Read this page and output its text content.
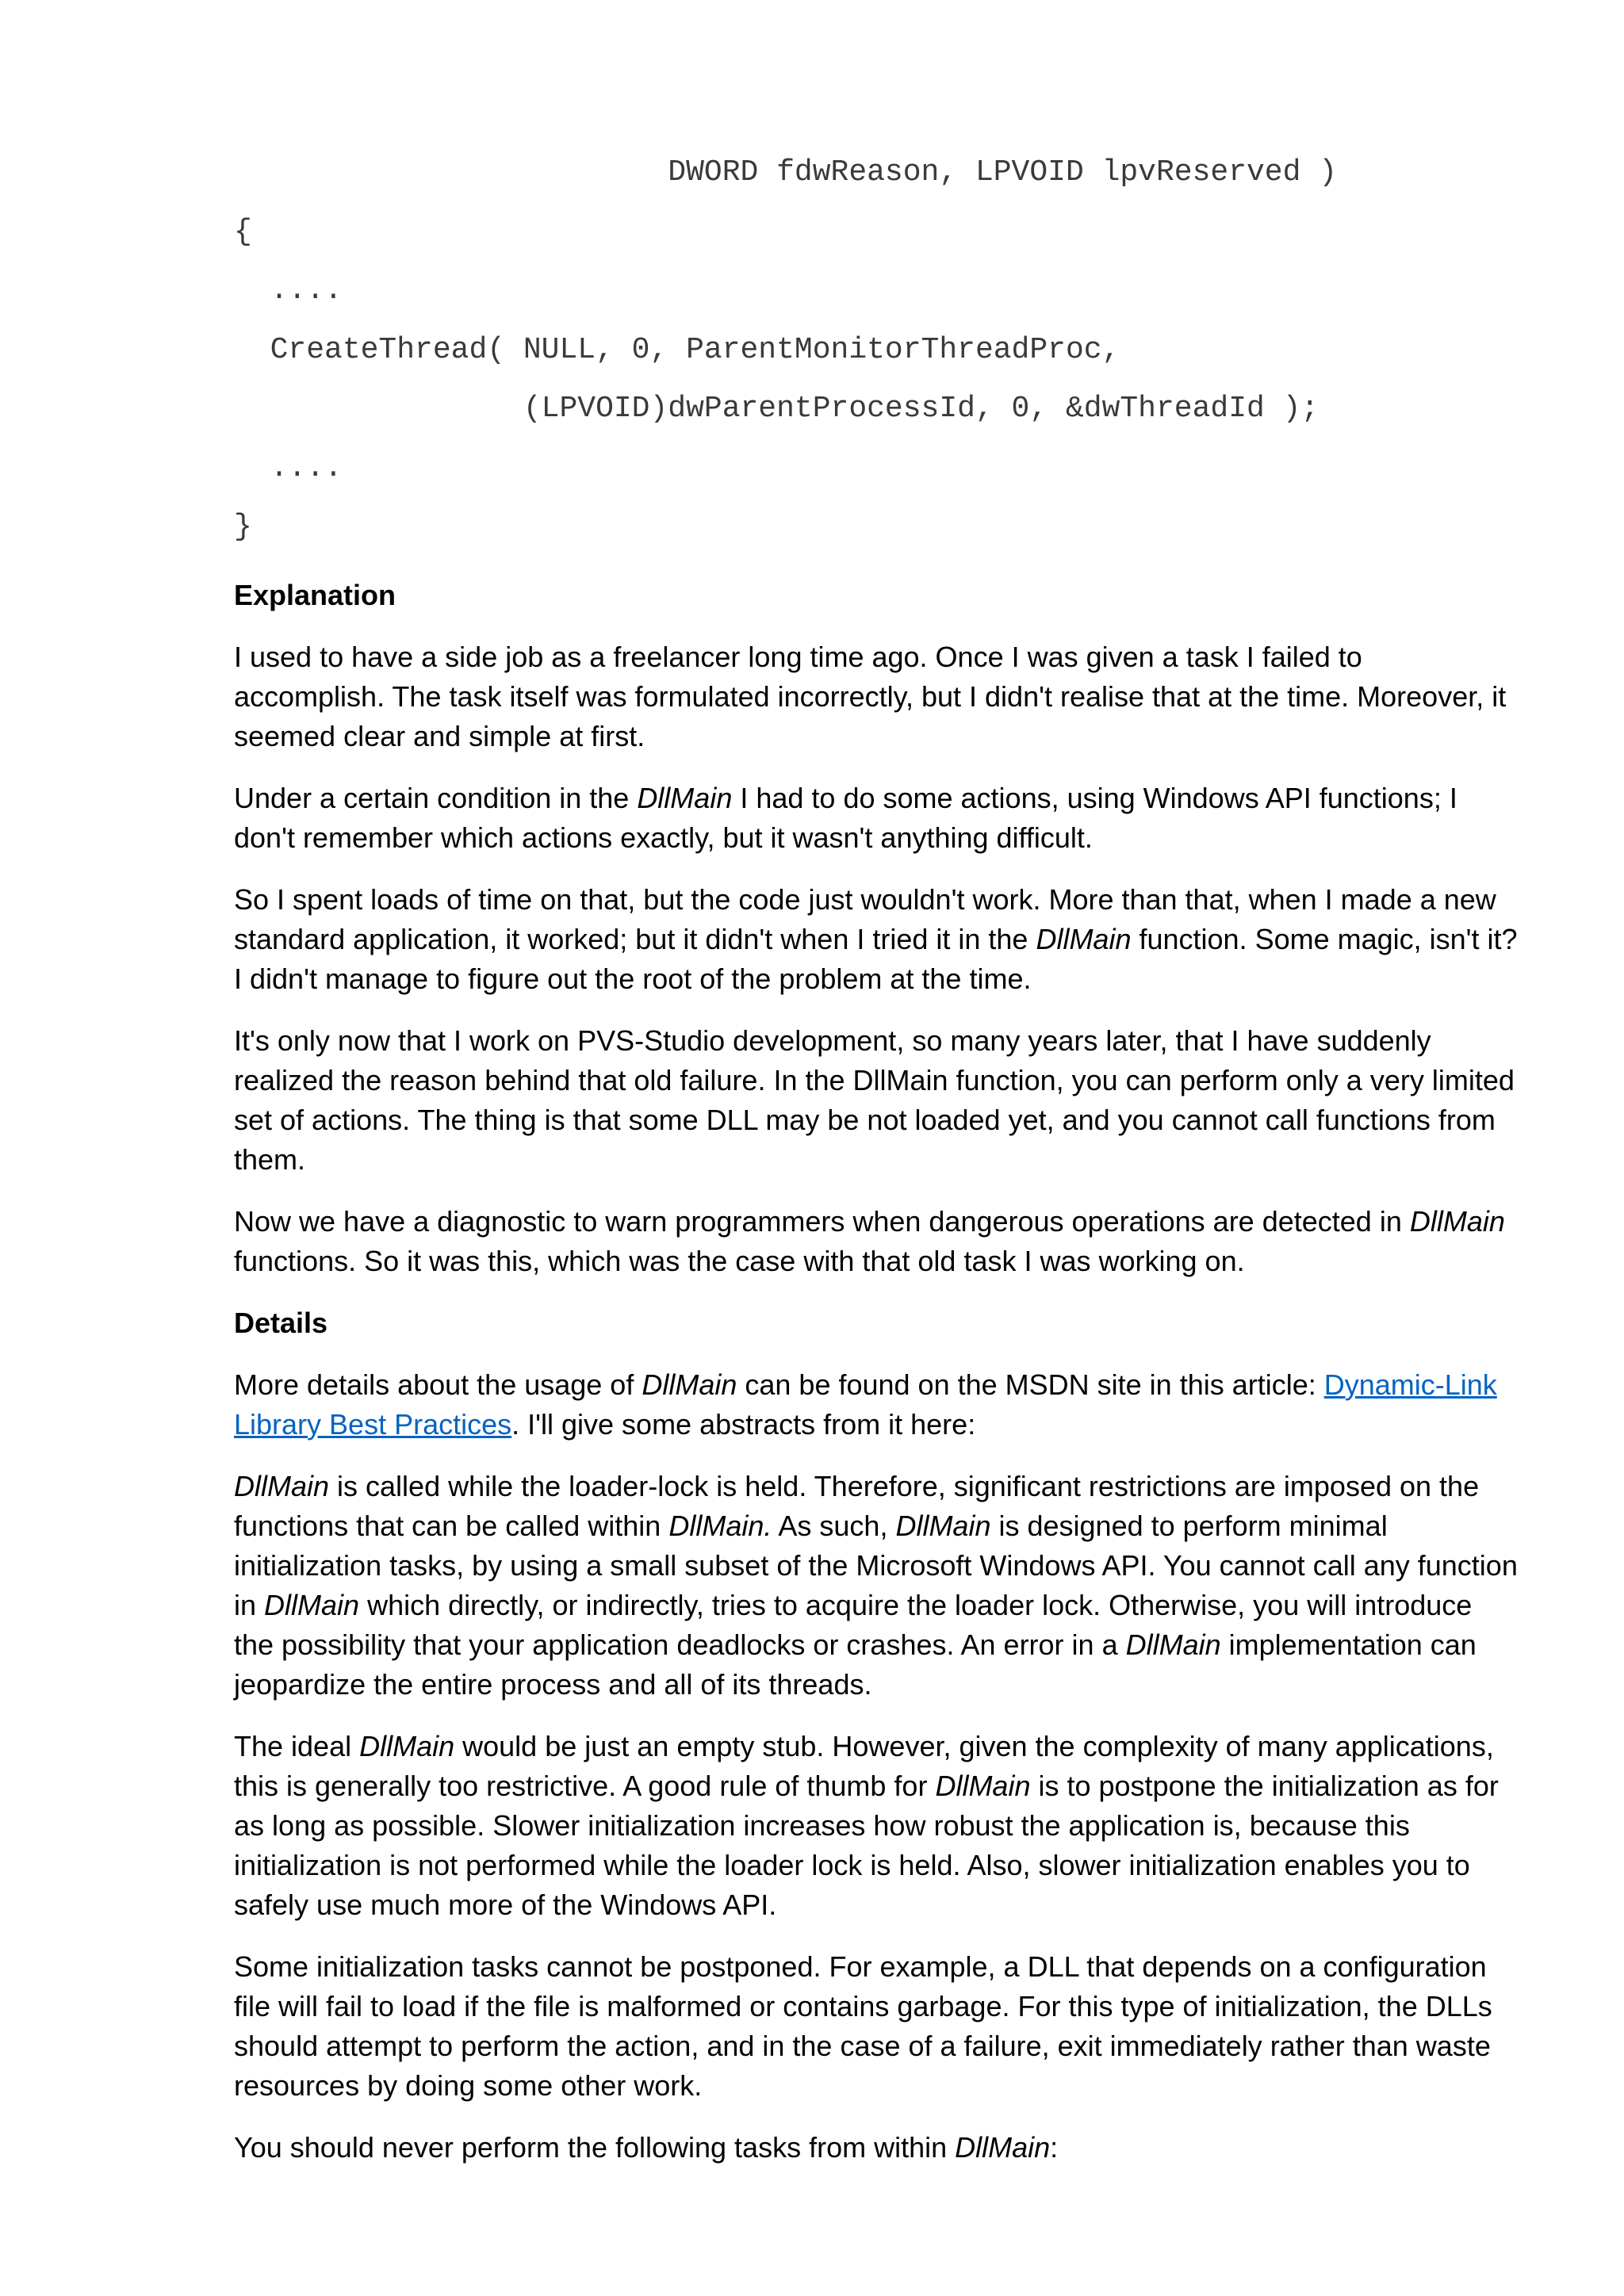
DWORD fdwReason, LPVOID lpvReserved )
{
....
CreateThread( NULL, 0, ParentMonitorThreadProc,
(LPVOID)dwParentProcessId, 0, &dwThreadId );
....
}
Explanation

I used to have a side job as a freelancer long time ago. Once I was given a task I failed to accomplish. The task itself was formulated incorrectly, but I didn't realise that at the time. Moreover, it seemed clear and simple at first.

Under a certain condition in the DllMain I had to do some actions, using Windows API functions; I don't remember which actions exactly, but it wasn't anything difficult.

So I spent loads of time on that, but the code just wouldn't work. More than that, when I made a new standard application, it worked; but it didn't when I tried it in the DllMain function. Some magic, isn't it? I didn't manage to figure out the root of the problem at the time.

It's only now that I work on PVS-Studio development, so many years later, that I have suddenly realized the reason behind that old failure. In the DllMain function, you can perform only a very limited set of actions. The thing is that some DLL may be not loaded yet, and you cannot call functions from them.

Now we have a diagnostic to warn programmers when dangerous operations are detected in DllMain functions. So it was this, which was the case with that old task I was working on.

Details

More details about the usage of DllMain can be found on the MSDN site in this article: Dynamic-Link Library Best Practices. I'll give some abstracts from it here:

DllMain is called while the loader-lock is held. Therefore, significant restrictions are imposed on the functions that can be called within DllMain. As such, DllMain is designed to perform minimal initialization tasks, by using a small subset of the Microsoft Windows API. You cannot call any function in DllMain which directly, or indirectly, tries to acquire the loader lock. Otherwise, you will introduce the possibility that your application deadlocks or crashes. An error in a DllMain implementation can jeopardize the entire process and all of its threads.

The ideal DllMain would be just an empty stub. However, given the complexity of many applications, this is generally too restrictive. A good rule of thumb for DllMain is to postpone the initialization as for as long as possible. Slower initialization increases how robust the application is, because this initialization is not performed while the loader lock is held. Also, slower initialization enables you to safely use much more of the Windows API.

Some initialization tasks cannot be postponed. For example, a DLL that depends on a configuration file will fail to load if the file is malformed or contains garbage. For this type of initialization, the DLLs should attempt to perform the action, and in the case of a failure, exit immediately rather than waste resources by doing some other work.

You should never perform the following tasks from within DllMain:
